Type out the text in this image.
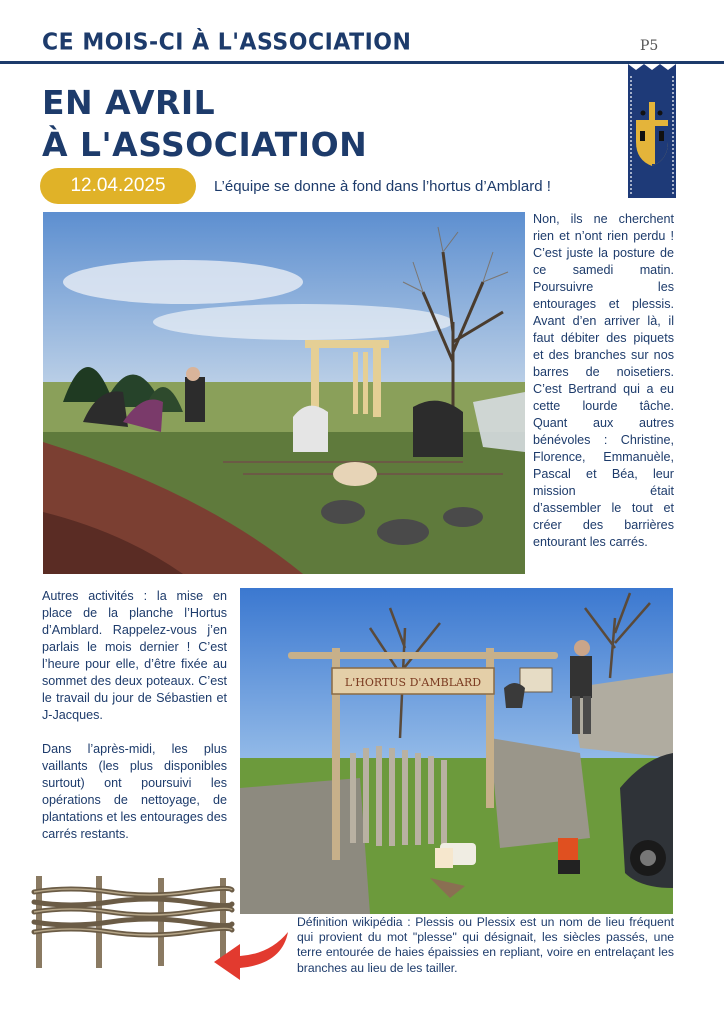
CE MOIS-CI À L'ASSOCIATION	P5
EN AVRIL
À L'ASSOCIATION
12.04.2025	L’équipe se donne à fond dans l’hortus d’Amblard !
Non, ils ne cherchent rien et n’ont rien perdu ! C’est juste la posture de ce samedi matin. Poursuivre les entourages et plessis. Avant d’en arriver là, il faut débiter des piquets et des branches sur nos barres de noisetiers. C’est Bertrand qui a eu cette lourde tâche. Quant aux autres bénévoles : Christine, Florence, Emmanuèle, Pascal et Béa, leur mission était d’assembler le tout et créer des barrières entourant les carrés.

Autres activités : la mise en place de la planche l’Hortus d’Amblard. Rappelez-vous j’en parlais le mois dernier ! C’est l’heure pour elle, d’être fixée au sommet des deux poteaux. C’est le travail du jour de Sébastien et J-Jacques.

Dans l’après-midi, les plus vaillants (les plus disponibles surtout) ont poursuivi les opérations de nettoyage, de plantations et les entourages des carrés restants.

L'HORTUS D'AMBLARD
Définition wikipédia : Plessis ou Plessix est un nom de lieu fréquent qui provient du mot "plesse" qui désignait, les siècles passés, une terre entourée de haies épaissies en repliant, voire en entrelaçant les branches au lieu de les tailler.
